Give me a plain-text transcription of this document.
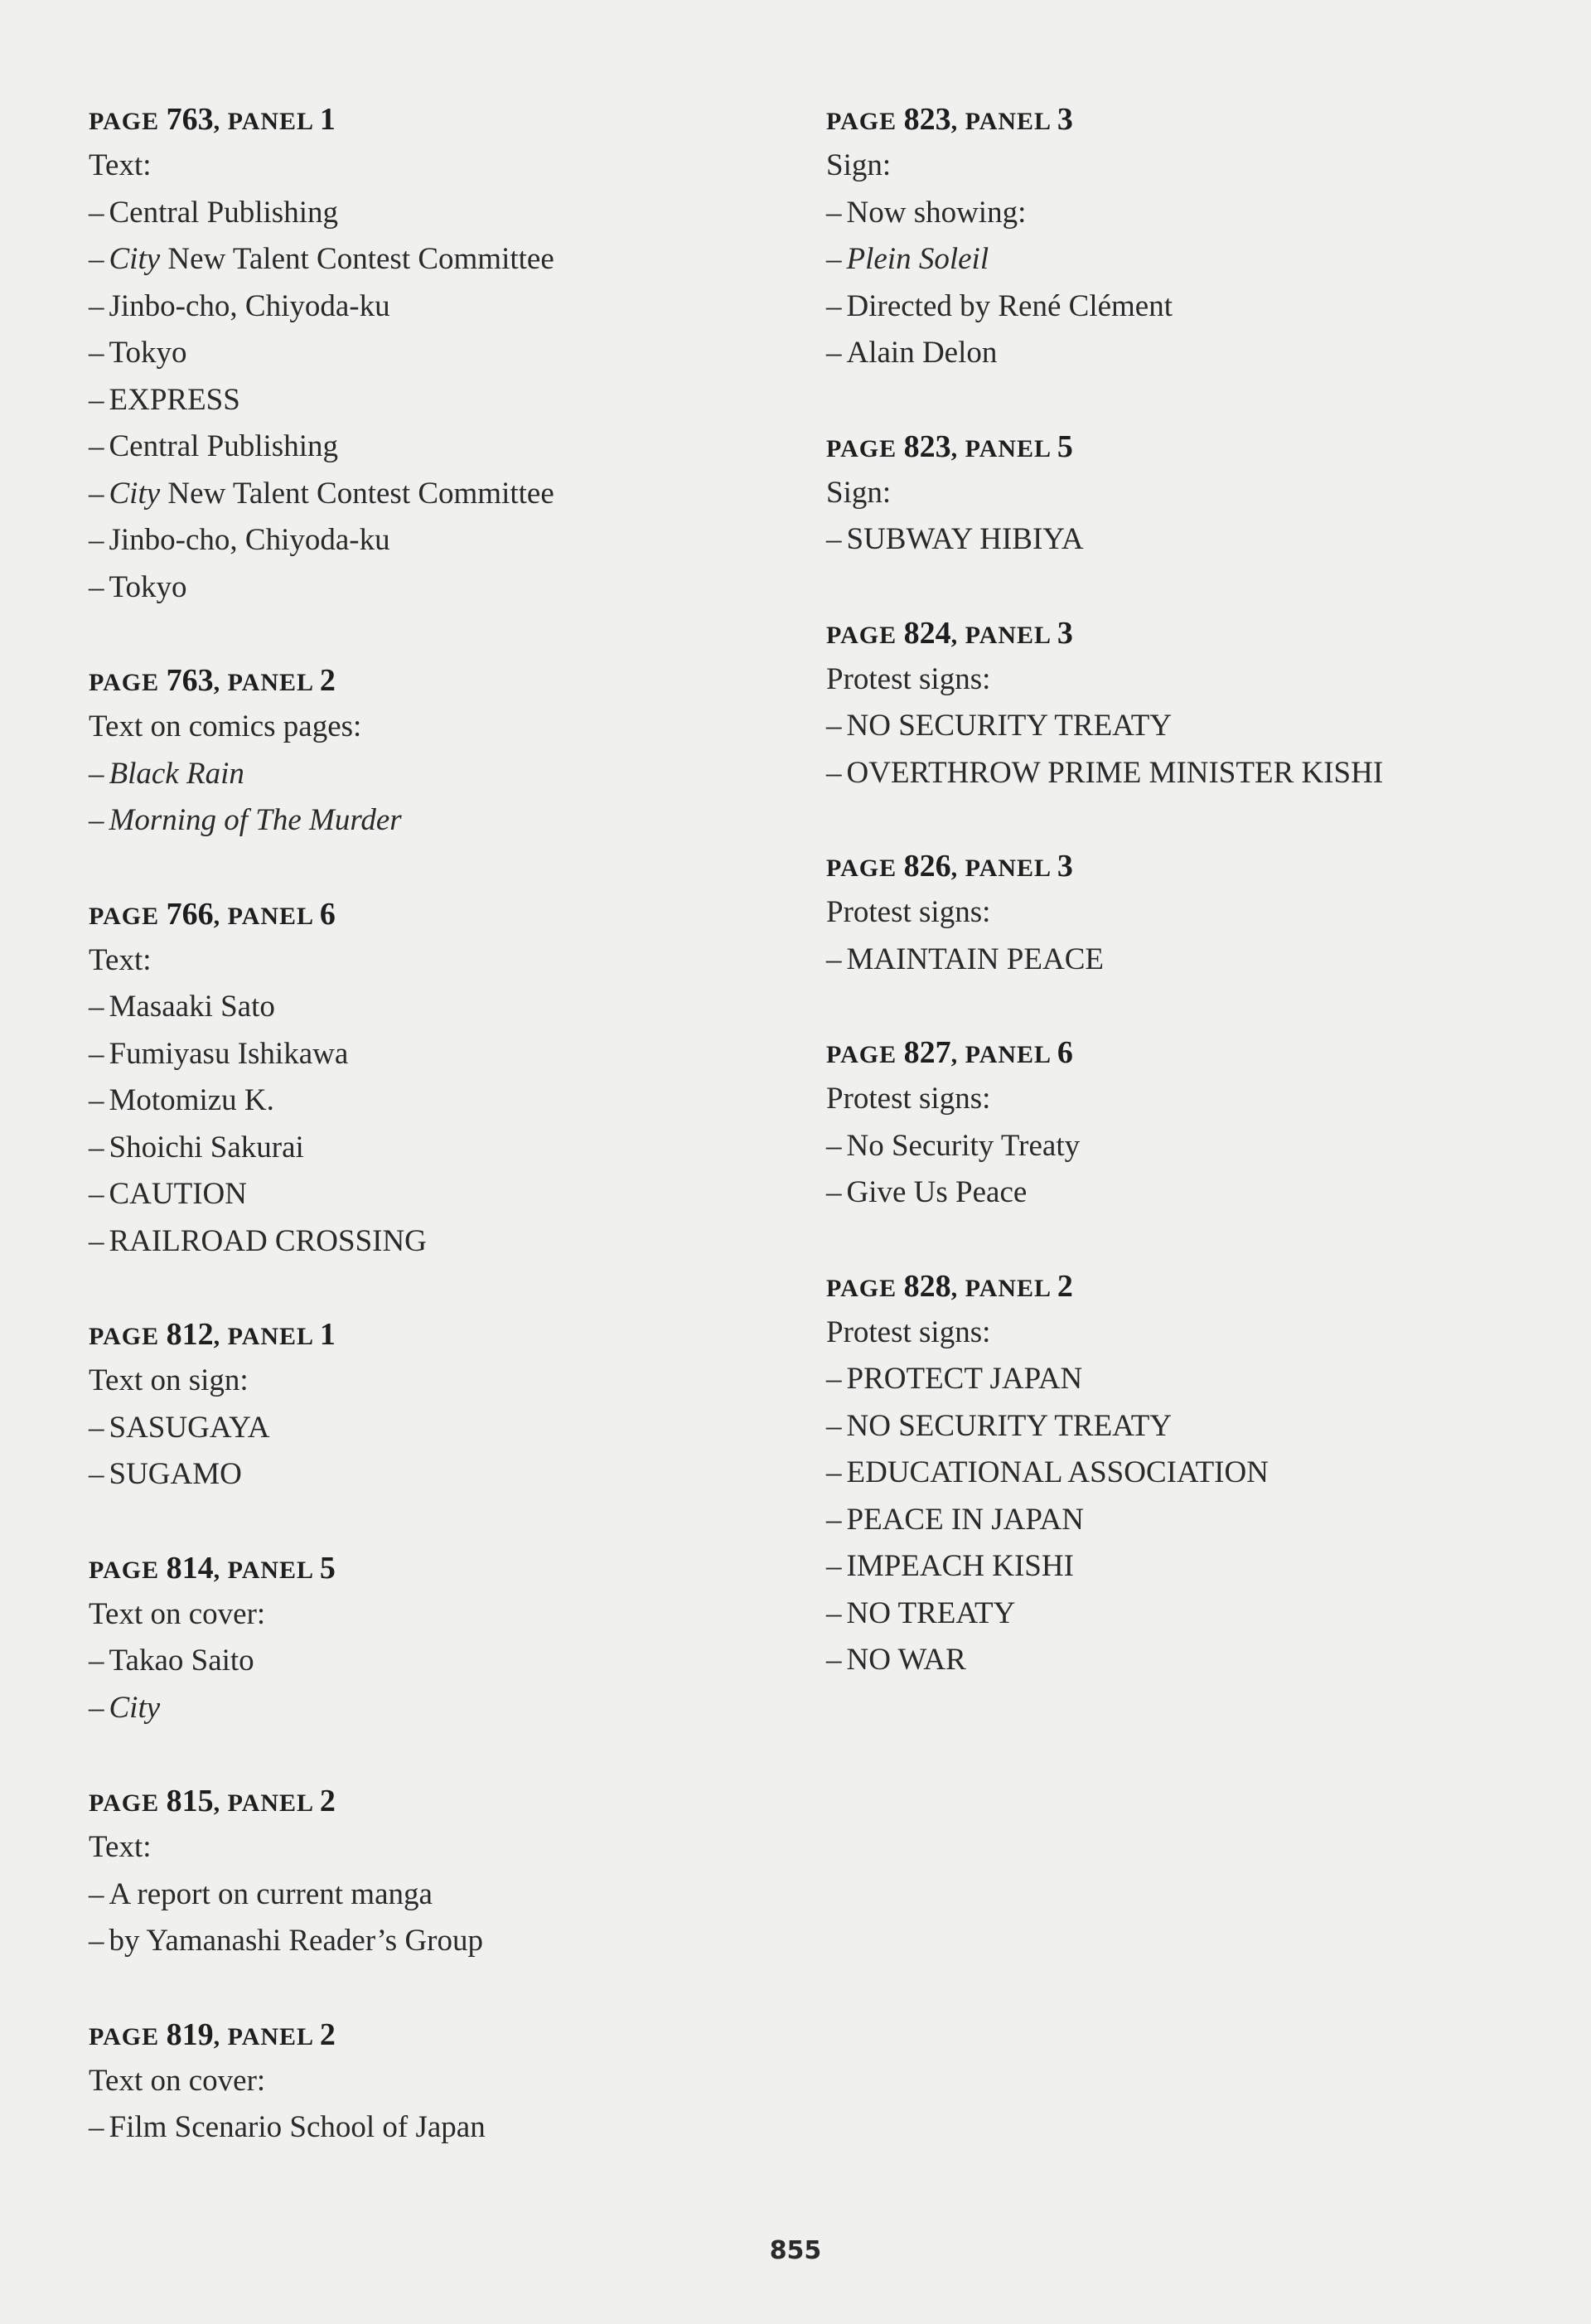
PAGE 763, PANEL 1
Text:
– Central Publishing
– City New Talent Contest Committee
– Jinbo-cho, Chiyoda-ku
– Tokyo
– EXPRESS
– Central Publishing
– City New Talent Contest Committee
– Jinbo-cho, Chiyoda-ku
– Tokyo
PAGE 763, PANEL 2
Text on comics pages:
– Black Rain
– Morning of The Murder
PAGE 766, PANEL 6
Text:
– Masaaki Sato
– Fumiyasu Ishikawa
– Motomizu K.
– Shoichi Sakurai
– CAUTION
– RAILROAD CROSSING
PAGE 812, PANEL 1
Text on sign:
– SASUGAYA
– SUGAMO
PAGE 814, PANEL 5
Text on cover:
– Takao Saito
– City
PAGE 815, PANEL 2
Text:
– A report on current manga
– by Yamanashi Reader’s Group
PAGE 819, PANEL 2
Text on cover:
– Film Scenario School of Japan
PAGE 823, PANEL 3
Sign:
– Now showing:
– Plein Soleil
– Directed by René Clément
– Alain Delon
PAGE 823, PANEL 5
Sign:
– SUBWAY HIBIYA
PAGE 824, PANEL 3
Protest signs:
– NO SECURITY TREATY
– OVERTHROW PRIME MINISTER KISHI
PAGE 826, PANEL 3
Protest signs:
– MAINTAIN PEACE
PAGE 827, PANEL 6
Protest signs:
– No Security Treaty
– Give Us Peace
PAGE 828, PANEL 2
Protest signs:
– PROTECT JAPAN
– NO SECURITY TREATY
– EDUCATIONAL ASSOCIATION
– PEACE IN JAPAN
– IMPEACH KISHI
– NO TREATY
– NO WAR
855
